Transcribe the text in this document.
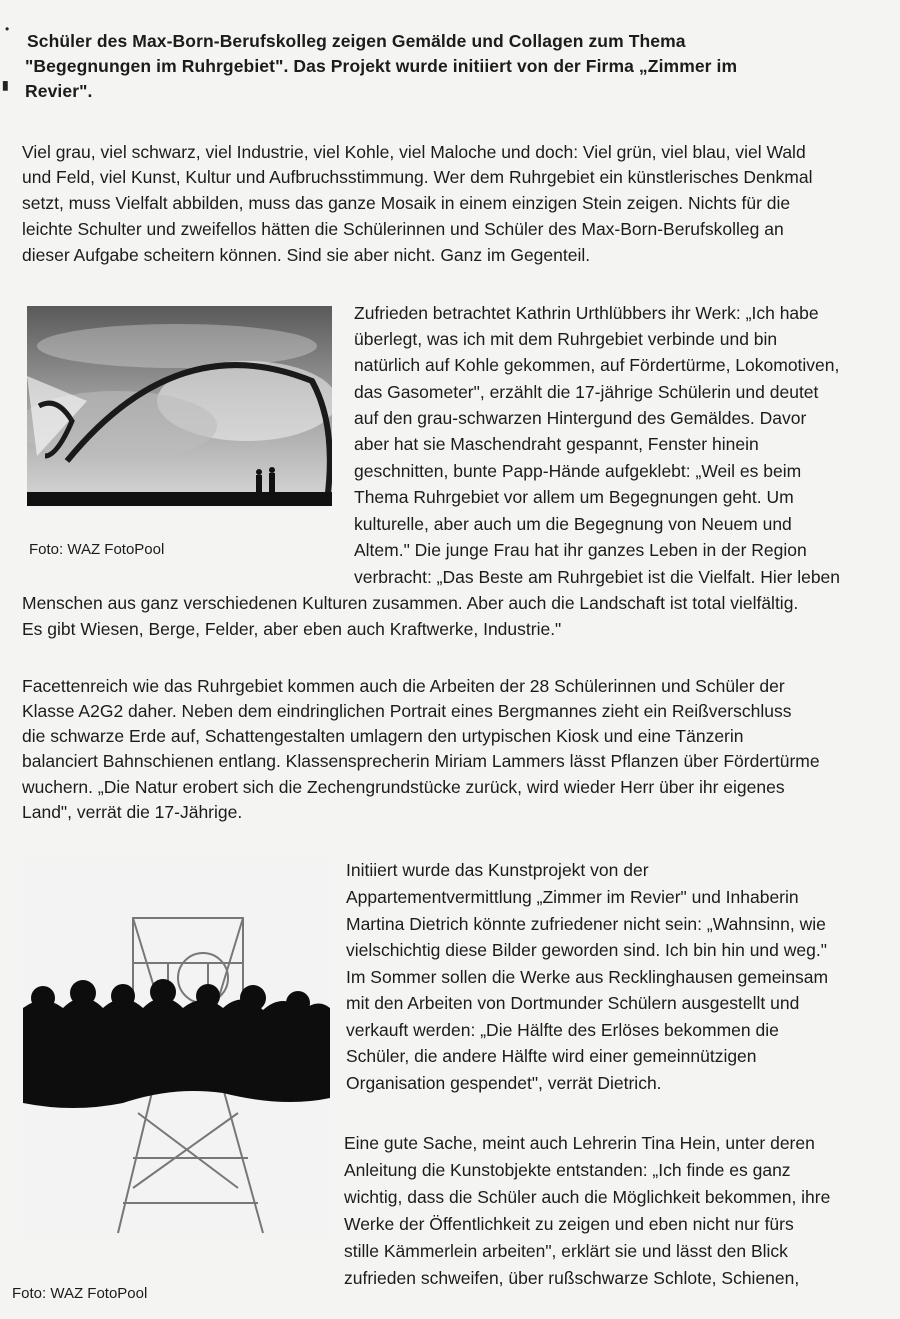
•
▮
Schüler des Max-Born-Berufskolleg zeigen Gemälde und Collagen zum Thema
"Begegnungen im Ruhrgebiet". Das Projekt wurde initiiert von der Firma „Zimmer im
Revier".
Viel grau, viel schwarz, viel Industrie, viel Kohle, viel Maloche und doch: Viel grün, viel blau, viel Wald
und Feld, viel Kunst, Kultur und Aufbruchsstimmung. Wer dem Ruhrgebiet ein künstlerisches Denkmal
setzt, muss Vielfalt abbilden, muss das ganze Mosaik in einem einzigen Stein zeigen. Nichts für die
leichte Schulter und zweifellos hätten die Schülerinnen und Schüler des Max-Born-Berufskolleg an
dieser Aufgabe scheitern können. Sind sie aber nicht. Ganz im Gegenteil.
Foto: WAZ FotoPool
Zufrieden betrachtet Kathrin Urthlübbers ihr Werk: „Ich habe
überlegt, was ich mit dem Ruhrgebiet verbinde und bin
natürlich auf Kohle gekommen, auf Fördertürme, Lokomotiven,
das Gasometer", erzählt die 17-jährige Schülerin und deutet
auf den grau-schwarzen Hintergund des Gemäldes. Davor
aber hat sie Maschendraht gespannt, Fenster hinein
geschnitten, bunte Papp-Hände aufgeklebt: „Weil es beim
Thema Ruhrgebiet vor allem um Begegnungen geht. Um
kulturelle, aber auch um die Begegnung von Neuem und
Altem." Die junge Frau hat ihr ganzes Leben in der Region
verbracht: „Das Beste am Ruhrgebiet ist die Vielfalt. Hier leben
Menschen aus ganz verschiedenen Kulturen zusammen. Aber auch die Landschaft ist total vielfältig.
Es gibt Wiesen, Berge, Felder, aber eben auch Kraftwerke, Industrie."
Facettenreich wie das Ruhrgebiet kommen auch die Arbeiten der 28 Schülerinnen und Schüler der
Klasse A2G2 daher. Neben dem eindringlichen Portrait eines Bergmannes zieht ein Reißverschluss
die schwarze Erde auf, Schattengestalten umlagern den urtypischen Kiosk und eine Tänzerin
balanciert Bahnschienen entlang. Klassensprecherin Miriam Lammers lässt Pflanzen über Fördertürme
wuchern. „Die Natur erobert sich die Zechengrundstücke zurück, wird wieder Herr über ihr eigenes
Land", verrät die 17-Jährige.
Foto: WAZ FotoPool
Initiiert wurde das Kunstprojekt von der
Appartementvermittlung „Zimmer im Revier" und Inhaberin
Martina Dietrich könnte zufriedener nicht sein: „Wahnsinn, wie
vielschichtig diese Bilder geworden sind. Ich bin hin und weg."
Im Sommer sollen die Werke aus Recklinghausen gemeinsam
mit den Arbeiten von Dortmunder Schülern ausgestellt und
verkauft werden: „Die Hälfte des Erlöses bekommen die
Schüler, die andere Hälfte wird einer gemeinnützigen
Organisation gespendet", verrät Dietrich.
Eine gute Sache, meint auch Lehrerin Tina Hein, unter deren
Anleitung die Kunstobjekte entstanden: „Ich finde es ganz
wichtig, dass die Schüler auch die Möglichkeit bekommen, ihre
Werke der Öffentlichkeit zu zeigen und eben nicht nur fürs
stille Kämmerlein arbeiten", erklärt sie und lässt den Blick
zufrieden schweifen, über rußschwarze Schlote, Schienen,
